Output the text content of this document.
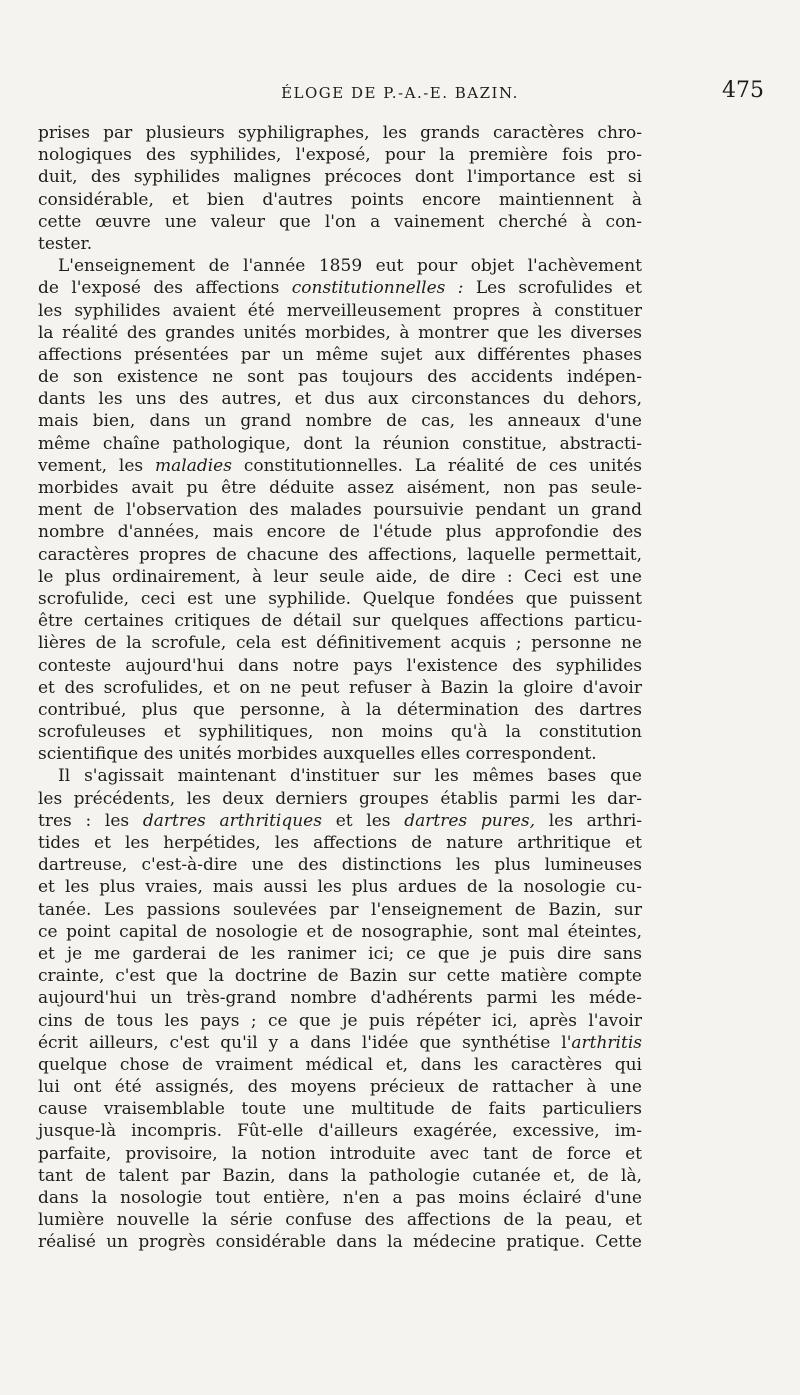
ÉLOGE DE P.-A.-E. BAZIN.	475
prises par plusieurs syphiligraphes, les grands caractères chro-
nologiques des syphilides, l'exposé, pour la première fois pro-
duit, des syphilides malignes précoces dont l'importance est si
considérable, et bien d'autres points encore maintiennent à
cette œuvre une valeur que l'on a vainement cherché à con-
tester.
L'enseignement de l'année 1859 eut pour objet l'achèvement
de l'exposé des affections constitutionnelles : Les scrofulides et
les syphilides avaient été merveilleusement propres à constituer
la réalité des grandes unités morbides, à montrer que les diverses
affections présentées par un même sujet aux différentes phases
de son existence ne sont pas toujours des accidents indépen-
dants les uns des autres, et dus aux circonstances du dehors,
mais bien, dans un grand nombre de cas, les anneaux d'une
même chaîne pathologique, dont la réunion constitue, abstracti-
vement, les maladies constitutionnelles. La réalité de ces unités
morbides avait pu être déduite assez aisément, non pas seule-
ment de l'observation des malades poursuivie pendant un grand
nombre d'années, mais encore de l'étude plus approfondie des
caractères propres de chacune des affections, laquelle permettait,
le plus ordinairement, à leur seule aide, de dire : Ceci est une
scrofulide, ceci est une syphilide. Quelque fondées que puissent
être certaines critiques de détail sur quelques affections particu-
lières de la scrofule, cela est définitivement acquis ; personne ne
conteste aujourd'hui dans notre pays l'existence des syphilides
et des scrofulides, et on ne peut refuser à Bazin la gloire d'avoir
contribué, plus que personne, à la détermination des dartres
scrofuleuses et syphilitiques, non moins qu'à la constitution
scientifique des unités morbides auxquelles elles correspondent.
Il s'agissait maintenant d'instituer sur les mêmes bases que
les précédents, les deux derniers groupes établis parmi les dar-
tres : les dartres arthritiques et les dartres pures, les arthri-
tides et les herpétides, les affections de nature arthritique et
dartreuse, c'est-à-dire une des distinctions les plus lumineuses
et les plus vraies, mais aussi les plus ardues de la nosologie cu-
tanée. Les passions soulevées par l'enseignement de Bazin, sur
ce point capital de nosologie et de nosographie, sont mal éteintes,
et je me garderai de les ranimer ici; ce que je puis dire sans
crainte, c'est que la doctrine de Bazin sur cette matière compte
aujourd'hui un très-grand nombre d'adhérents parmi les méde-
cins de tous les pays ; ce que je puis répéter ici, après l'avoir
écrit ailleurs, c'est qu'il y a dans l'idée que synthétise l'arthritis
quelque chose de vraiment médical et, dans les caractères qui
lui ont été assignés, des moyens précieux de rattacher à une
cause vraisemblable toute une multitude de faits particuliers
jusque-là incompris. Fût-elle d'ailleurs exagérée, excessive, im-
parfaite, provisoire, la notion introduite avec tant de force et
tant de talent par Bazin, dans la pathologie cutanée et, de là,
dans la nosologie tout entière, n'en a pas moins éclairé d'une
lumière nouvelle la série confuse des affections de la peau, et
réalisé un progrès considérable dans la médecine pratique. Cette
